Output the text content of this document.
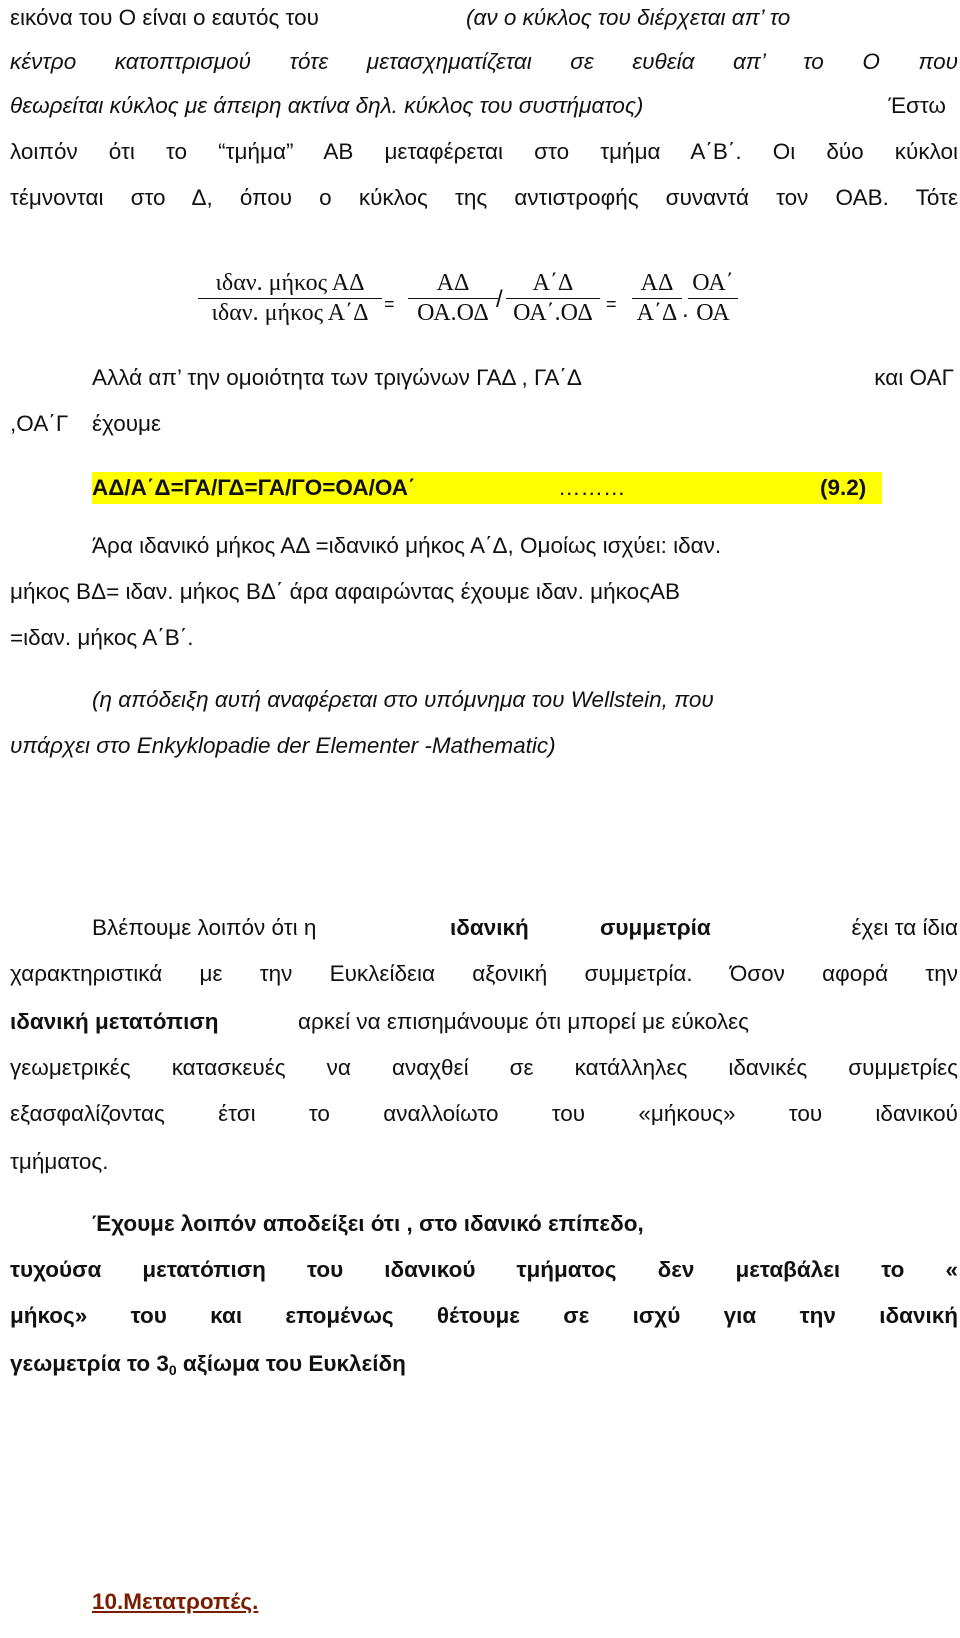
εικόνα του Ο είναι ο εαυτός του	(αν ο κύκλος του διέρχεται απ’ το
κέντρο κατοπτρισμού τότε μετασχηματίζεται σε ευθεία απ’ το Ο που
θεωρείται κύκλος με άπειρη ακτίνα δηλ. κύκλος του συστήματος)	Έστω
λοιπόν ότι το “τμήμα” ΑΒ μεταφέρεται στο τμήμα Α΄Β΄. Οι δύο κύκλοι
τέμνονται στο Δ, όπου ο κύκλος της αντιστροφής συναντά τον ΟΑΒ. Τότε
ιδαν. μήκος ΑΔ
ιδαν. μήκος Α΄Δ =
ΑΔ
ΟΑ.ΟΔ /
Α΄Δ
ΟΑ΄.ΟΔ =
ΑΔ
Α΄Δ .
ΟΑ΄
ΟΑ
Αλλά απ’ την ομοιότητα των τριγώνων ΓΑΔ , ΓΑ΄Δ	και ΟΑΓ
,ΟΑ΄Γ έχουμε
ΑΔ/Α΄Δ=ΓΑ/ΓΔ=ΓΑ/ΓΟ=ΟΑ/ΟΑ΄	………	(9.2)
Άρα ιδανικό μήκος ΑΔ =ιδανικό μήκος Α΄Δ, Ομοίως ισχύει: ιδαν.
μήκος ΒΔ= ιδαν. μήκος ΒΔ΄ άρα αφαιρώντας έχουμε ιδαν. μήκοςΑΒ
=ιδαν. μήκος Α΄Β΄.
(η απόδειξη αυτή αναφέρεται στο υπόμνημα του Wellstein, που
υπάρχει στο Enkyklopadie der Elementer -Mathematic)
Βλέπουμε λοιπόν ότι η	ιδανική	συμμετρία	έχει τα ίδια
χαρακτηριστικά με την Ευκλείδεια αξονική συμμετρία. Όσον αφορά την
ιδανική μετατόπιση	αρκεί να επισημάνουμε ότι μπορεί με εύκολες
γεωμετρικές κατασκευές να αναχθεί σε κατάλληλες ιδανικές συμμετρίες
εξασφαλίζοντας έτσι το αναλλοίωτο του «μήκους» του ιδανικού
τμήματος.
Έχουμε λοιπόν αποδείξει ότι , στο ιδανικό επίπεδο,
τυχούσα μετατόπιση του ιδανικού τμήματος δεν μεταβάλει το «
μήκος» του και επομένως θέτουμε σε ισχύ για την ιδανική
γεωμετρία το $3_0$ αξίωμα του Ευκλείδη
10.Μετατροπές.
